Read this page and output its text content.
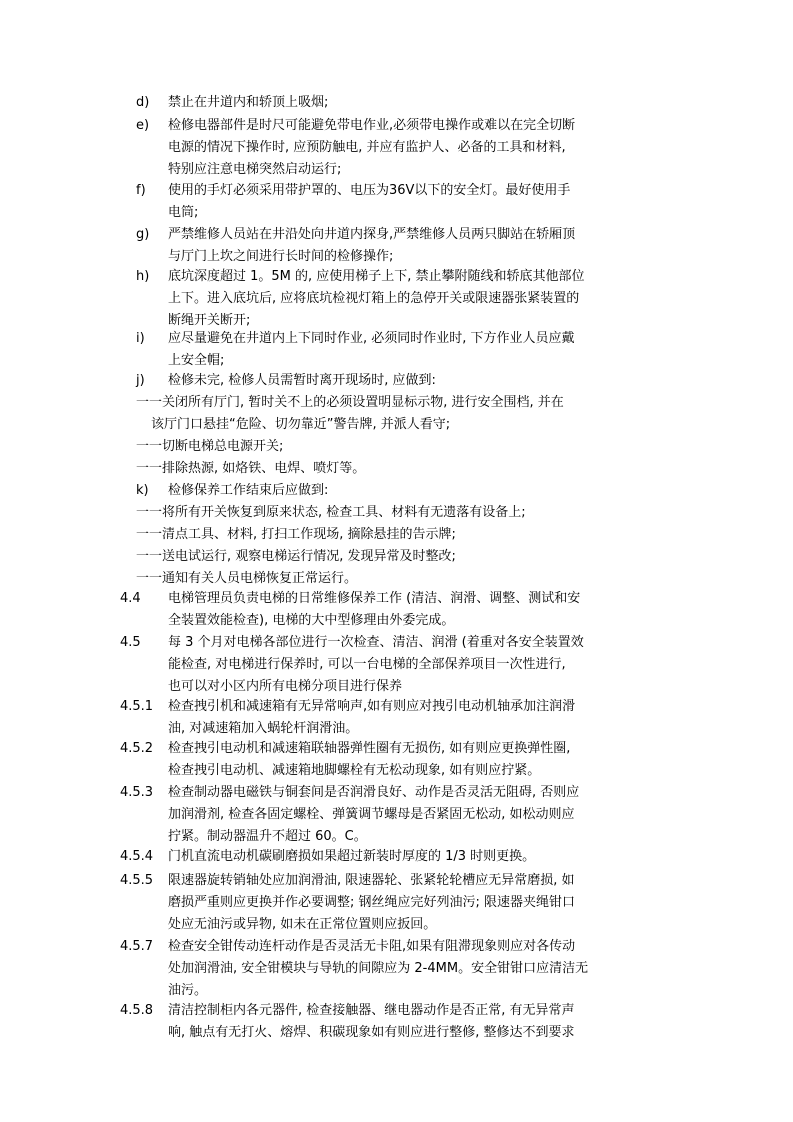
d) 禁止在井道内和轿顶上吸烟;
e) 检修电器部件是时尺可能避免带电作业,必须带电操作或难以在完全切断
电源的情况下操作时, 应预防触电, 并应有监护人、必备的工具和材料,
特别应注意电梯突然启动运行;
f) 使用的手灯必须采用带护罩的、电压为36V以下的安全灯。最好使用手
电筒;
g) 严禁维修人员站在井沿处向井道内探身,严禁维修人员两只脚站在轿厢顶
与厅门上坎之间进行长时间的检修操作;
h) 底坑深度超过 1。5M 的, 应使用梯子上下, 禁止攀附随线和轿底其他部位
上下。进入底坑后, 应将底坑检视灯箱上的急停开关或限速器张紧装置的
断绳开关断开;
i) 应尽量避免在井道内上下同时作业, 必须同时作业时, 下方作业人员应戴
上安全帽;
j) 检修未完, 检修人员需暂时离开现场时, 应做到:
一一关闭所有厅门, 暂时关不上的必须设置明显标示物, 进行安全围档, 并在
该厅门口悬挂“危险、切勿靠近”警告牌, 并派人看守;
一一切断电梯总电源开关;
一一排除热源, 如烙铁、电焊、喷灯等。
k) 检修保养工作结束后应做到:
一一将所有开关恢复到原来状态, 检查工具、材料有无遗落有设备上;
一一清点工具、材料, 打扫工作现场, 摘除悬挂的告示牌;
一一送电试运行, 观察电梯运行情况, 发现异常及时整改;
一一通知有关人员电梯恢复正常运行。
4.4 电梯管理员负责电梯的日常维修保养工作 (清洁、润滑、调整、测试和安
全装置效能检查), 电梯的大中型修理由外委完成。
4.5 每 3 个月对电梯各部位进行一次检查、清洁、润滑 (着重对各安全装置效
能检查, 对电梯进行保养时, 可以一台电梯的全部保养项目一次性进行,
也可以对小区内所有电梯分项目进行保养
4.5.1 检查拽引机和减速箱有无异常响声,如有则应对拽引电动机轴承加注润滑
油, 对减速箱加入蜗轮杆润滑油。
4.5.2 检查拽引电动机和减速箱联轴器弹性圈有无损伤, 如有则应更换弹性圈,
检查拽引电动机、减速箱地脚螺栓有无松动现象, 如有则应拧紧。
4.5.3 检查制动器电磁铁与铜套间是否润滑良好、动作是否灵活无阻碍, 否则应
加润滑剂, 检查各固定螺栓、弹簧调节螺母是否紧固无松动, 如松动则应
拧紧。制动器温升不超过 60。C。
4.5.4 门机直流电动机碳刷磨损如果超过新装时厚度的 1/3 时则更换。
4.5.5 限速器旋转销轴处应加润滑油, 限速器轮、张紧轮轮槽应无异常磨损, 如
磨损严重则应更换并作必要调整; 钢丝绳应完好列油污; 限速器夹绳钳口
处应无油污或异物, 如未在正常位置则应扳回。
4.5.7 检查安全钳传动连杆动作是否灵活无卡阻,如果有阻滞现象则应对各传动
处加润滑油, 安全钳模块与导轨的间隙应为 2-4MM。安全钳钳口应清洁无
油污。
4.5.8 清洁控制柜内各元器件, 检查接触器、继电器动作是否正常, 有无异常声
响, 触点有无打火、熔焊、积碳现象如有则应进行整修, 整修达不到要求
